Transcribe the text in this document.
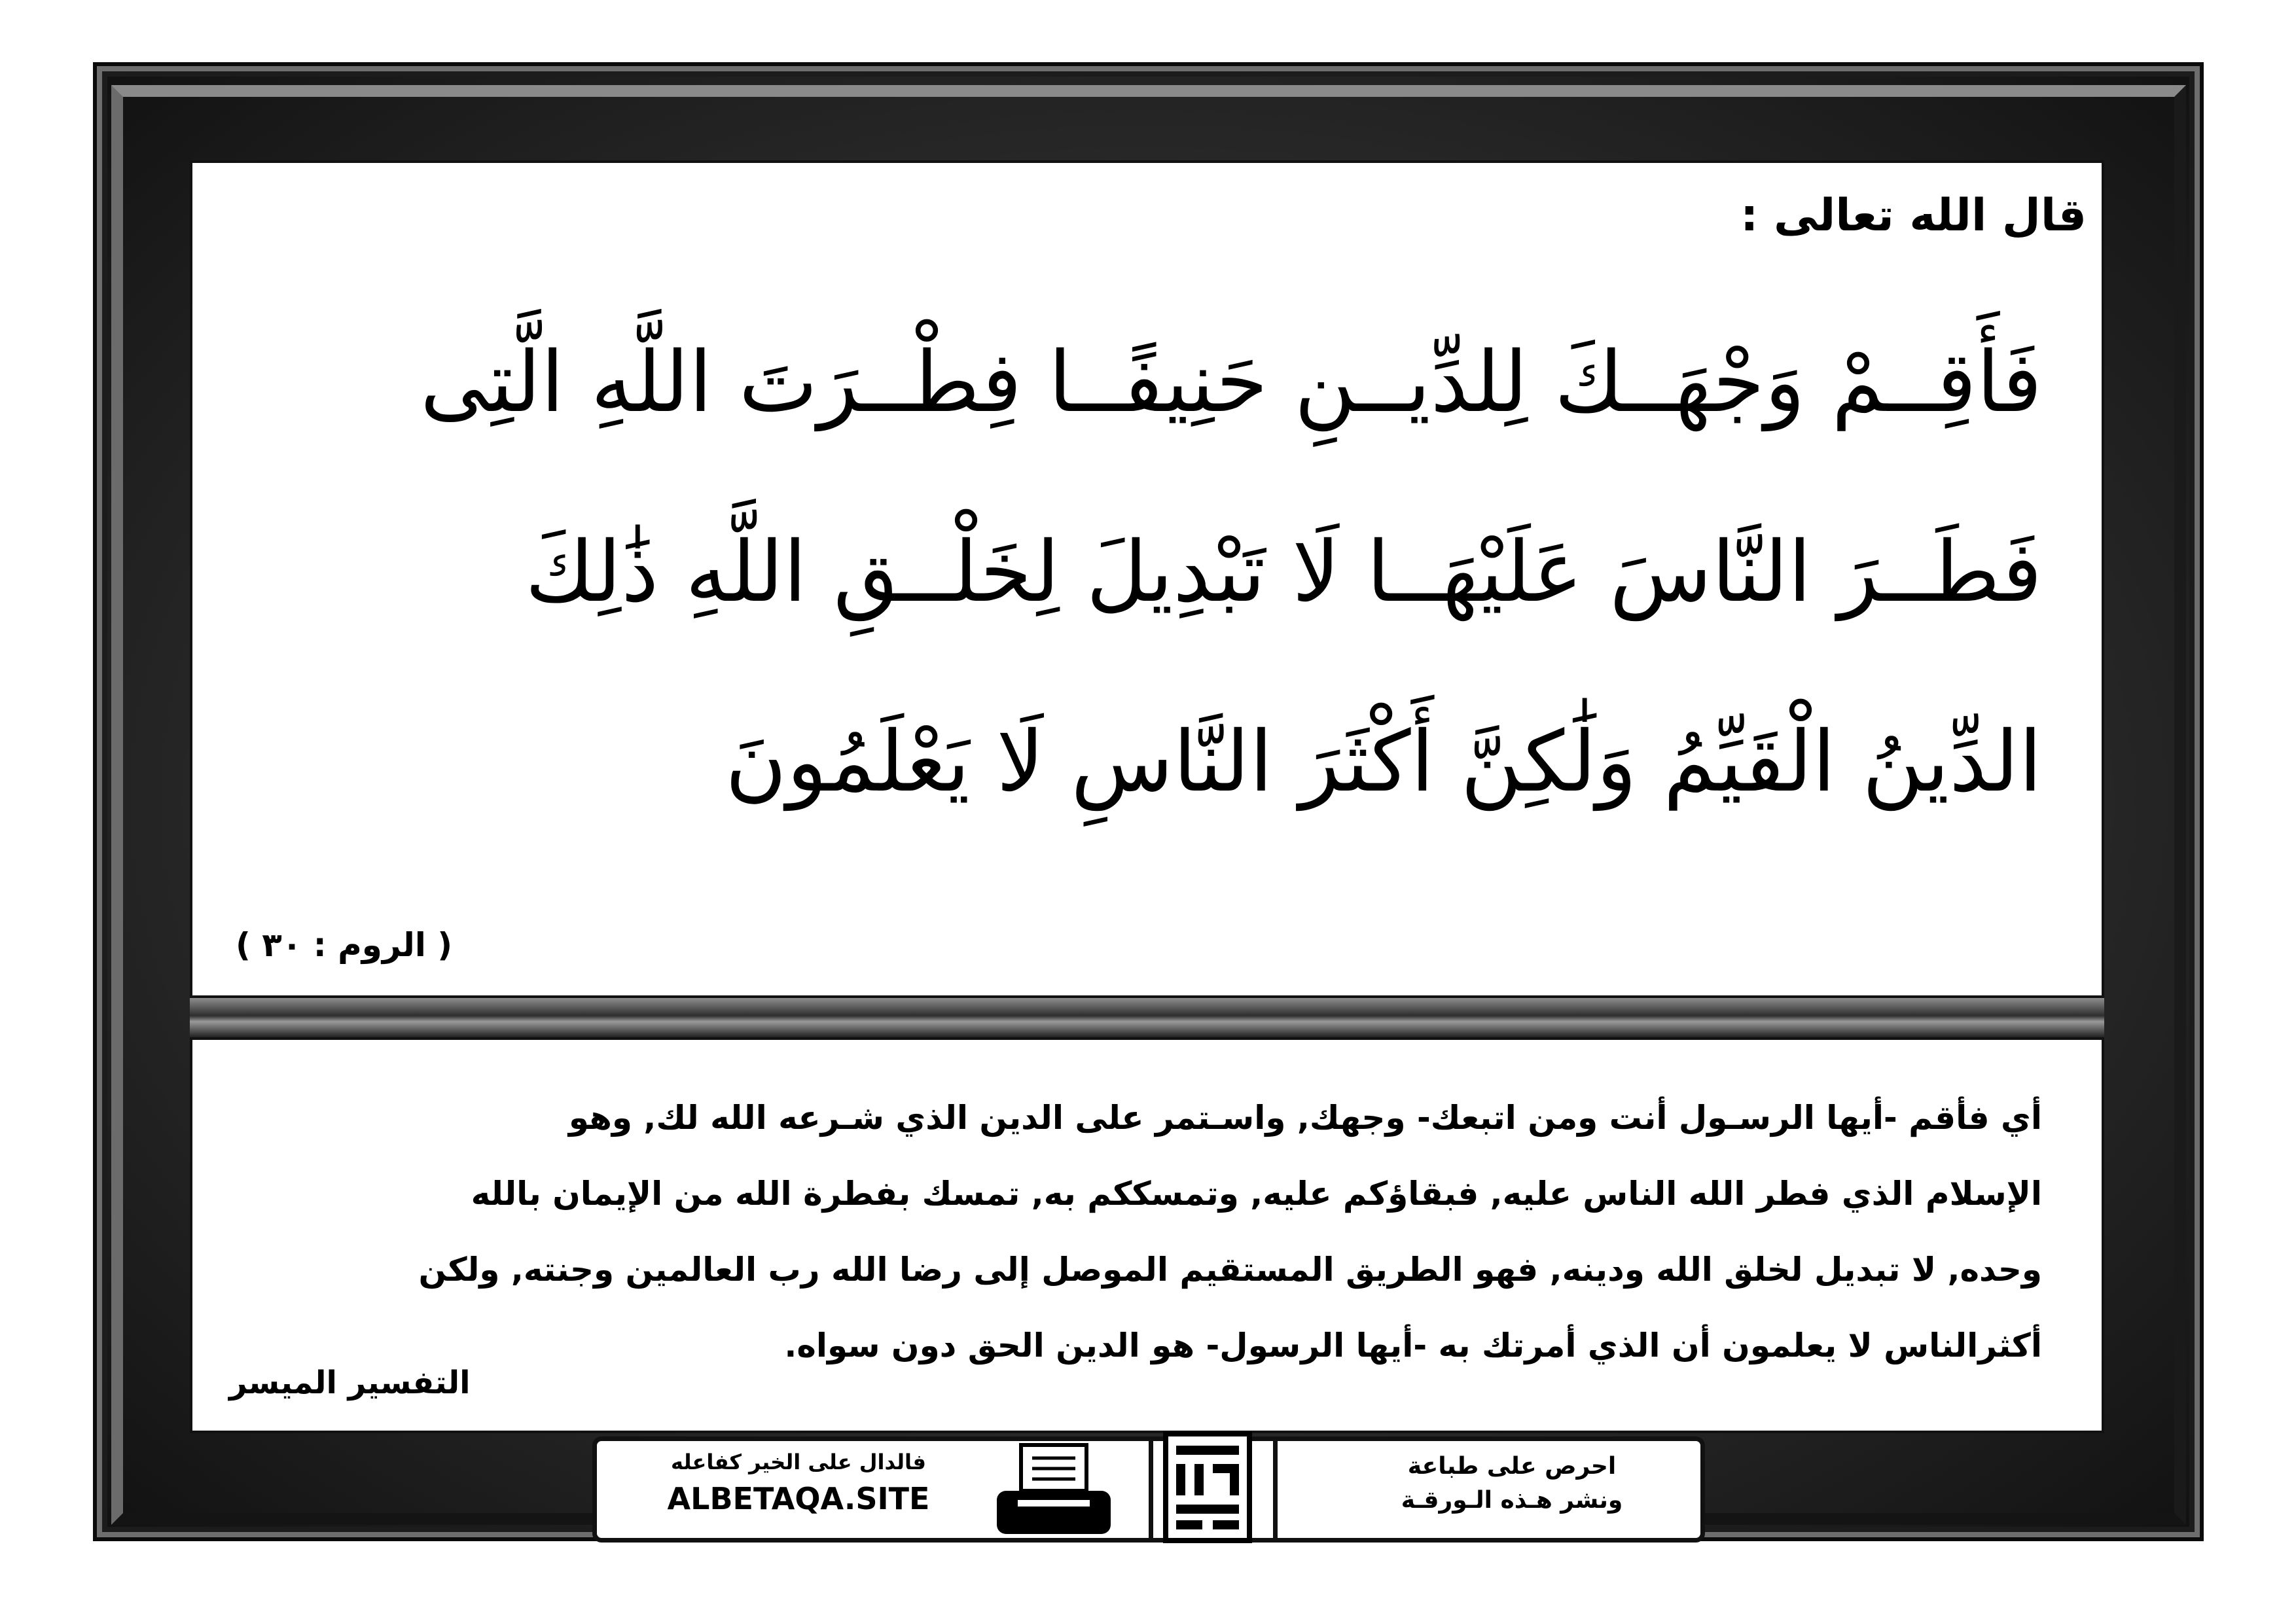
قال الله تعالى :
فَأَقِــمْ وَجْهَــكَ لِلدِّيــنِ حَنِيفًــا فِطْــرَتَ اللَّهِ الَّتِى
فَطَــرَ النَّاسَ عَلَيْهَــا لَا تَبْدِيلَ لِخَلْــقِ اللَّهِ ذَٰلِكَ
الدِّينُ الْقَيِّمُ وَلَٰكِنَّ أَكْثَرَ النَّاسِ لَا يَعْلَمُونَ
( الروم : ٣٠ )
أي فأقم -أيها الرسـول أنت ومن اتبعك- وجهك, واسـتمر على الدين الذي شـرعه الله لك, وهو
الإسلام الذي فطر الله الناس عليه, فبقاؤكم عليه, وتمسككم به, تمسك بفطرة الله من الإيمان بالله
وحده, لا تبديل لخلق الله ودينه, فهو الطريق المستقيم الموصل إلى رضا الله رب العالمين وجنته, ولكن
أكثرالناس لا يعلمون أن الذي أمرتك به -أيها الرسول- هو الدين الحق دون سواه.
التفسير الميسر
فالدال على الخير كفاعله
ALBETAQA.SITE
احرص على طباعة
ونشر هـذه الـورقـة
